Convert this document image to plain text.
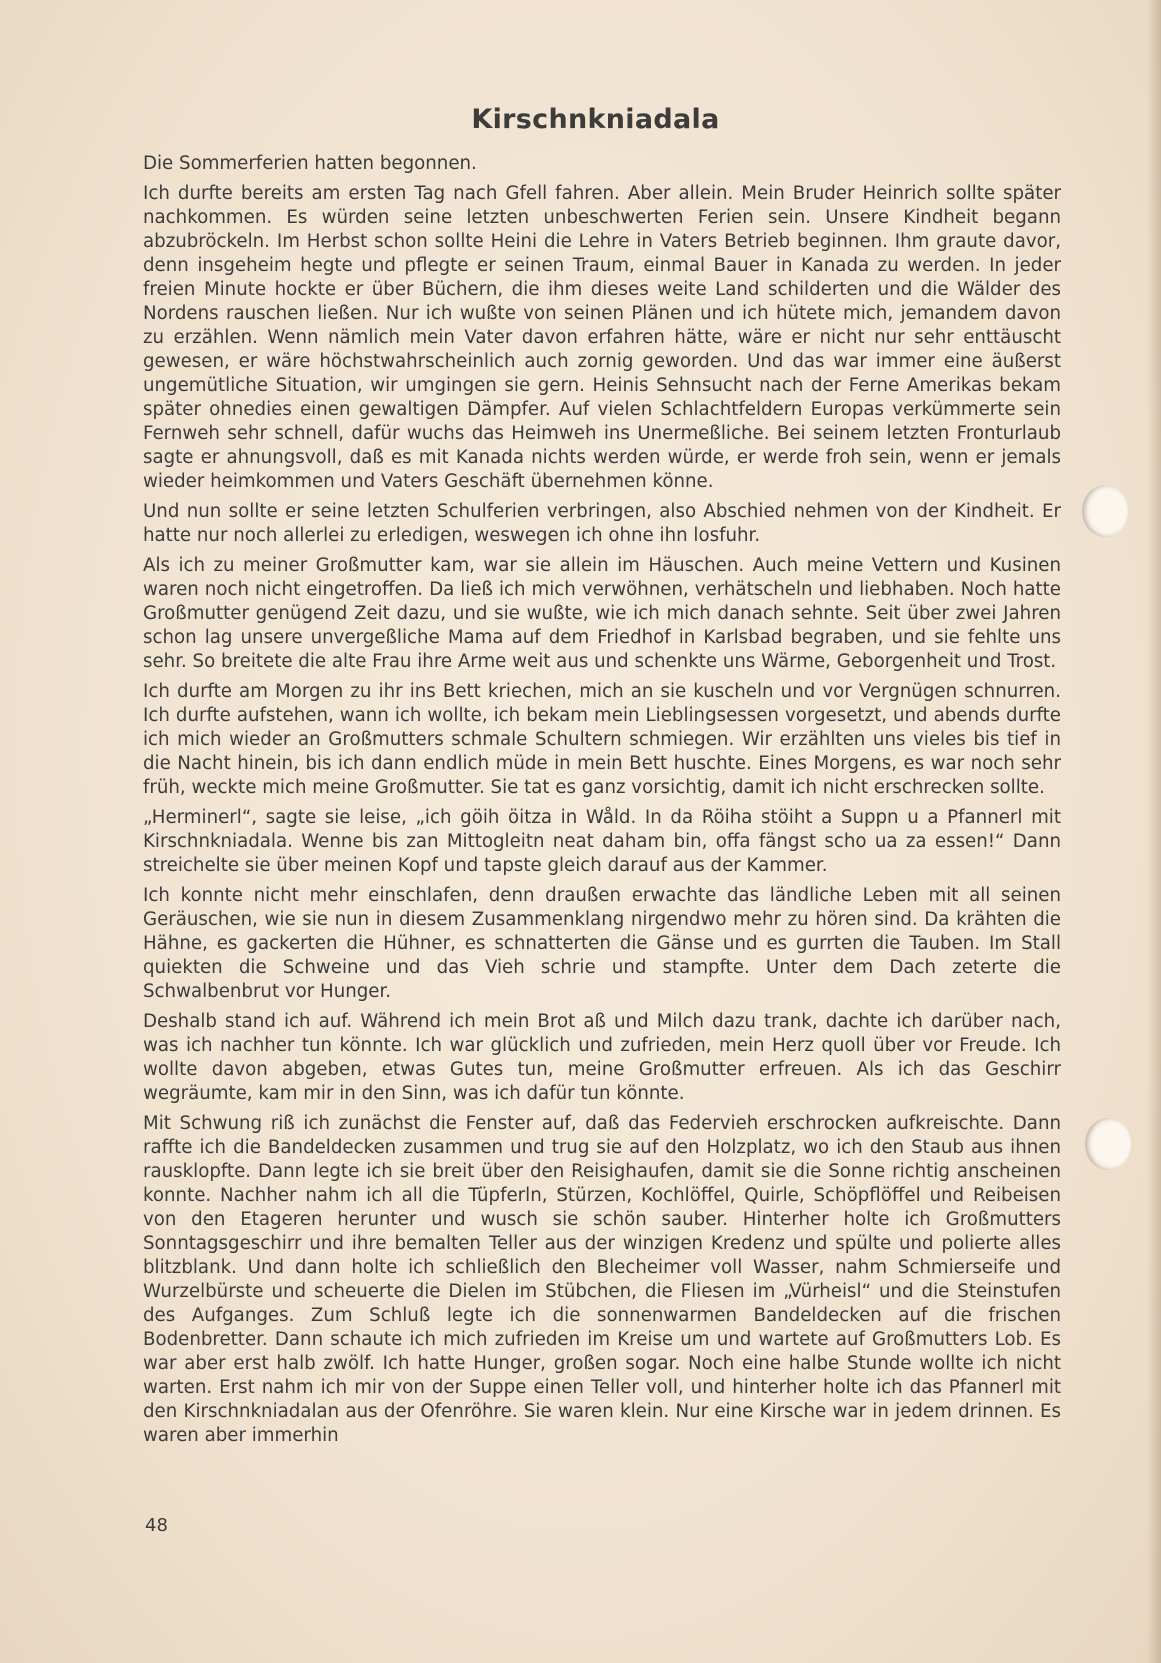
Kirschnkniadala

Die Sommerferien hatten begonnen.

Ich durfte bereits am ersten Tag nach Gfell fahren. Aber allein. Mein Bruder Heinrich sollte später nachkommen. Es würden seine letzten unbeschwerten Ferien sein. Unsere Kindheit begann abzubröckeln. Im Herbst schon sollte Heini die Lehre in Vaters Betrieb beginnen. Ihm graute davor, denn insgeheim hegte und pflegte er seinen Traum, einmal Bauer in Kanada zu werden. In jeder freien Minute hockte er über Büchern, die ihm dieses weite Land schilderten und die Wälder des Nordens rauschen ließen. Nur ich wußte von seinen Plänen und ich hütete mich, jemandem davon zu erzählen. Wenn nämlich mein Vater davon erfahren hätte, wäre er nicht nur sehr enttäuscht gewesen, er wäre höchstwahrscheinlich auch zornig geworden. Und das war immer eine äußerst ungemütliche Situation, wir umgingen sie gern. Heinis Sehnsucht nach der Ferne Amerikas bekam später ohnedies einen gewaltigen Dämpfer. Auf vielen Schlachtfeldern Europas verkümmerte sein Fernweh sehr schnell, dafür wuchs das Heimweh ins Unermeßliche. Bei seinem letzten Fronturlaub sagte er ahnungsvoll, daß es mit Kanada nichts werden würde, er werde froh sein, wenn er jemals wieder heimkommen und Vaters Geschäft übernehmen könne.

Und nun sollte er seine letzten Schulferien verbringen, also Abschied nehmen von der Kindheit. Er hatte nur noch allerlei zu erledigen, weswegen ich ohne ihn losfuhr.

Als ich zu meiner Großmutter kam, war sie allein im Häuschen. Auch meine Vettern und Kusinen waren noch nicht eingetroffen. Da ließ ich mich verwöhnen, verhätscheln und liebhaben. Noch hatte Großmutter genügend Zeit dazu, und sie wußte, wie ich mich danach sehnte. Seit über zwei Jahren schon lag unsere unvergeßliche Mama auf dem Friedhof in Karlsbad begraben, und sie fehlte uns sehr. So breitete die alte Frau ihre Arme weit aus und schenkte uns Wärme, Geborgenheit und Trost.

Ich durfte am Morgen zu ihr ins Bett kriechen, mich an sie kuscheln und vor Vergnügen schnurren. Ich durfte aufstehen, wann ich wollte, ich bekam mein Lieblingsessen vorgesetzt, und abends durfte ich mich wieder an Großmutters schmale Schultern schmiegen. Wir erzählten uns vieles bis tief in die Nacht hinein, bis ich dann endlich müde in mein Bett huschte. Eines Morgens, es war noch sehr früh, weckte mich meine Großmutter. Sie tat es ganz vorsichtig, damit ich nicht erschrecken sollte.

„Herminerl“, sagte sie leise, „ich göih öitza in Wåld. In da Röiha stöiht a Suppn u a Pfannerl mit Kirschnkniadala. Wenne bis zan Mittogleitn neat daham bin, offa fängst scho ua za essen!“ Dann streichelte sie über meinen Kopf und tapste gleich darauf aus der Kammer.

Ich konnte nicht mehr einschlafen, denn draußen erwachte das ländliche Leben mit all seinen Geräuschen, wie sie nun in diesem Zusammenklang nirgendwo mehr zu hören sind. Da krähten die Hähne, es gackerten die Hühner, es schnatterten die Gänse und es gurrten die Tauben. Im Stall quiekten die Schweine und das Vieh schrie und stampfte. Unter dem Dach zeterte die Schwalbenbrut vor Hunger.

Deshalb stand ich auf. Während ich mein Brot aß und Milch dazu trank, dachte ich darüber nach, was ich nachher tun könnte. Ich war glücklich und zufrieden, mein Herz quoll über vor Freude. Ich wollte davon abgeben, etwas Gutes tun, meine Großmutter erfreuen. Als ich das Geschirr wegräumte, kam mir in den Sinn, was ich dafür tun könnte.

Mit Schwung riß ich zunächst die Fenster auf, daß das Federvieh erschrocken aufkreischte. Dann raffte ich die Bandeldecken zusammen und trug sie auf den Holzplatz, wo ich den Staub aus ihnen rausklopfte. Dann legte ich sie breit über den Reisighaufen, damit sie die Sonne richtig anscheinen konnte. Nachher nahm ich all die Tüpferln, Stürzen, Kochlöffel, Quirle, Schöpflöffel und Reibeisen von den Etageren herunter und wusch sie schön sauber. Hinterher holte ich Großmutters Sonntagsgeschirr und ihre bemalten Teller aus der winzigen Kredenz und spülte und polierte alles blitzblank. Und dann holte ich schließlich den Blecheimer voll Wasser, nahm Schmierseife und Wurzelbürste und scheuerte die Dielen im Stübchen, die Fliesen im „Vürheisl“ und die Steinstufen des Aufganges. Zum Schluß legte ich die sonnenwarmen Bandeldecken auf die frischen Bodenbretter. Dann schaute ich mich zufrieden im Kreise um und wartete auf Großmutters Lob. Es war aber erst halb zwölf. Ich hatte Hunger, großen sogar. Noch eine halbe Stunde wollte ich nicht warten. Erst nahm ich mir von der Suppe einen Teller voll, und hinterher holte ich das Pfannerl mit den Kirschnkniadalan aus der Ofenröhre. Sie waren klein. Nur eine Kirsche war in jedem drinnen. Es waren aber immerhin

48
